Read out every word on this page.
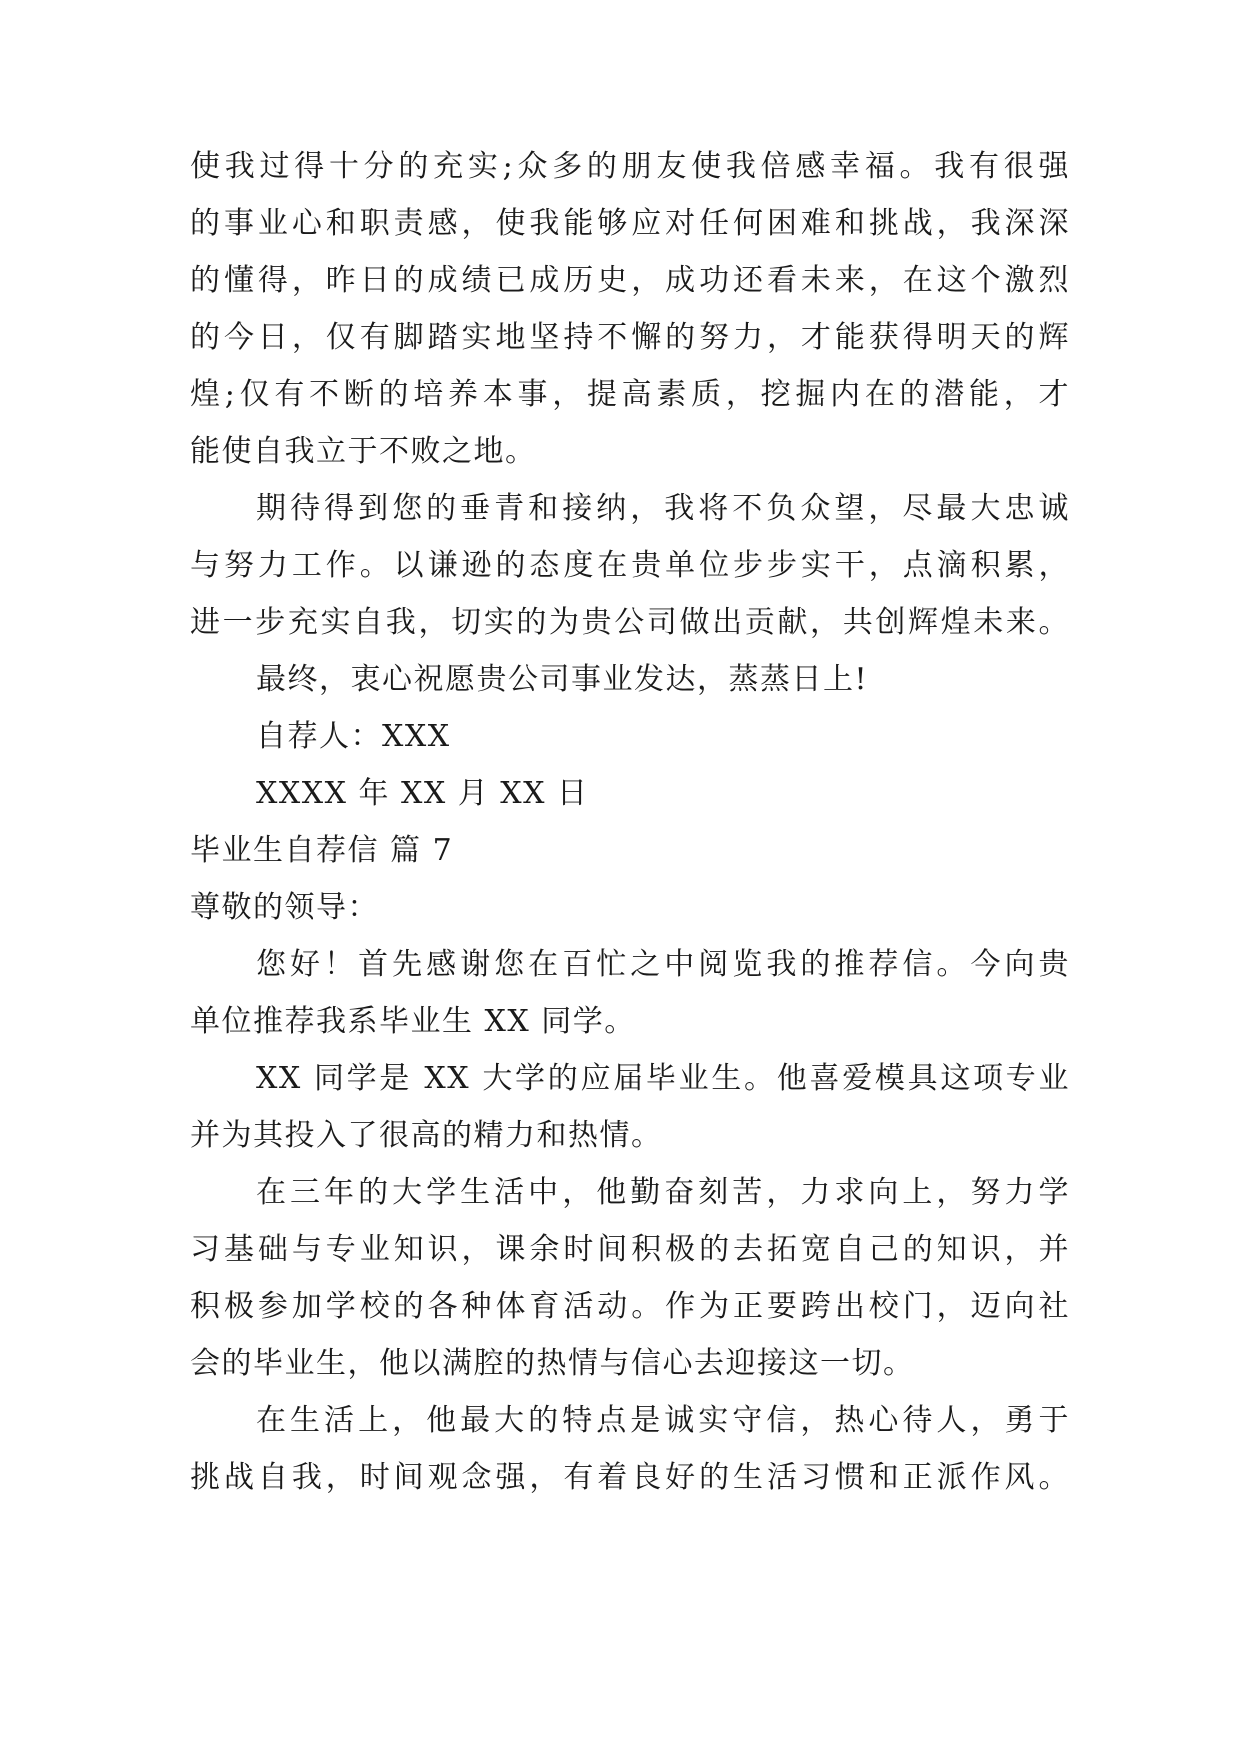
使我过得十分的充实;众多的朋友使我倍感幸福。我有很强

的事业心和职责感，使我能够应对任何困难和挑战，我深深

的懂得，昨日的成绩已成历史，成功还看未来，在这个激烈

的今日，仅有脚踏实地坚持不懈的努力，才能获得明天的辉

煌;仅有不断的培养本事，提高素质，挖掘内在的潜能，才

能使自我立于不败之地。

期待得到您的垂青和接纳，我将不负众望，尽最大忠诚

与努力工作。以谦逊的态度在贵单位步步实干，点滴积累，

进一步充实自我，切实的为贵公司做出贡献，共创辉煌未来。

最终，衷心祝愿贵公司事业发达，蒸蒸日上!

自荐人：XXX

XXXX 年 XX 月 XX 日

毕业生自荐信 篇 7

尊敬的领导：

您好！首先感谢您在百忙之中阅览我的推荐信。今向贵

单位推荐我系毕业生 XX 同学。

XX 同学是 XX 大学的应届毕业生。他喜爱模具这项专业

并为其投入了很高的精力和热情。

在三年的大学生活中，他勤奋刻苦，力求向上，努力学

习基础与专业知识，课余时间积极的去拓宽自己的知识，并

积极参加学校的各种体育活动。作为正要跨出校门，迈向社

会的毕业生，他以满腔的热情与信心去迎接这一切。

在生活上，他最大的特点是诚实守信，热心待人，勇于

挑战自我，时间观念强，有着良好的生活习惯和正派作风。
